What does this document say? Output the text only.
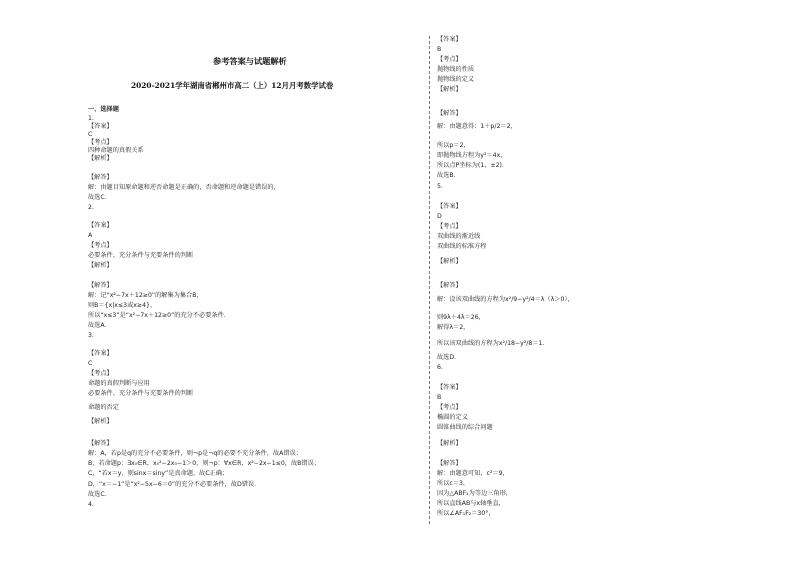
参考答案与试题解析
2020-2021学年湖南省郴州市高二（上）12月月考数学试卷
一、选择题
1.
【答案】
C
【考点】
四种命题的真假关系
【解析】
【解答】
解：由题目知原命题和逆否命题是正确的，否命题和逆命题是错误的，
故选C．
2.
【答案】
A
【考点】
必要条件、充分条件与充要条件的判断
【解析】
【解答】
解：记“x²−7x＋12≥0”的解集为集合B，
则B＝{x|x≤3或x≥4}，
所以“x≤3”是“x²−7x＋12≥0”的充分不必要条件．
故选A．
3.
【答案】
C
【考点】
命题的真假判断与应用
必要条件、充分条件与充要条件的判断
命题的否定
【解析】
【解答】
解：A，若p是q的充分不必要条件，则¬p是¬q的必要不充分条件，故A错误；
B，若命题p：∃x₀∈R，x₀²−2x₀−1＞0，则¬p：∀x∈R，x²−2x−1≤0，故B错误；
C，“若x＝y，则sinx＝siny”是真命题，故C正确；
D，“x＝−1”是“x²−5x−6＝0”的充分不必要条件，故D错误．
故选C．
4.
【答案】
B
【考点】
抛物线的性质
抛物线的定义
【解析】
【解答】
解：由题意得：1＋p/2＝2，
所以p＝2，
即抛物线方程为y²＝4x，
所以点P坐标为(1，±2)．
故选B．
5.
【答案】
D
【考点】
双曲线的渐近线
双曲线的标准方程
【解析】
【解答】
解：设该双曲线的方程为x²/9−y²/4＝λ（λ＞0），
则9λ＋4λ＝26，
解得λ＝2，
所以该双曲线的方程为x²/18−y²/8＝1．
故选D．
6.
【答案】
B
【考点】
椭圆的定义
圆锥曲线的综合问题
【解析】
【解答】
解：由题意可知，c²＝9，
所以c＝3，
因为△ABF₁为等边三角形，
所以直线AB与x轴垂直，
所以∠AF₁F₂＝30°，
